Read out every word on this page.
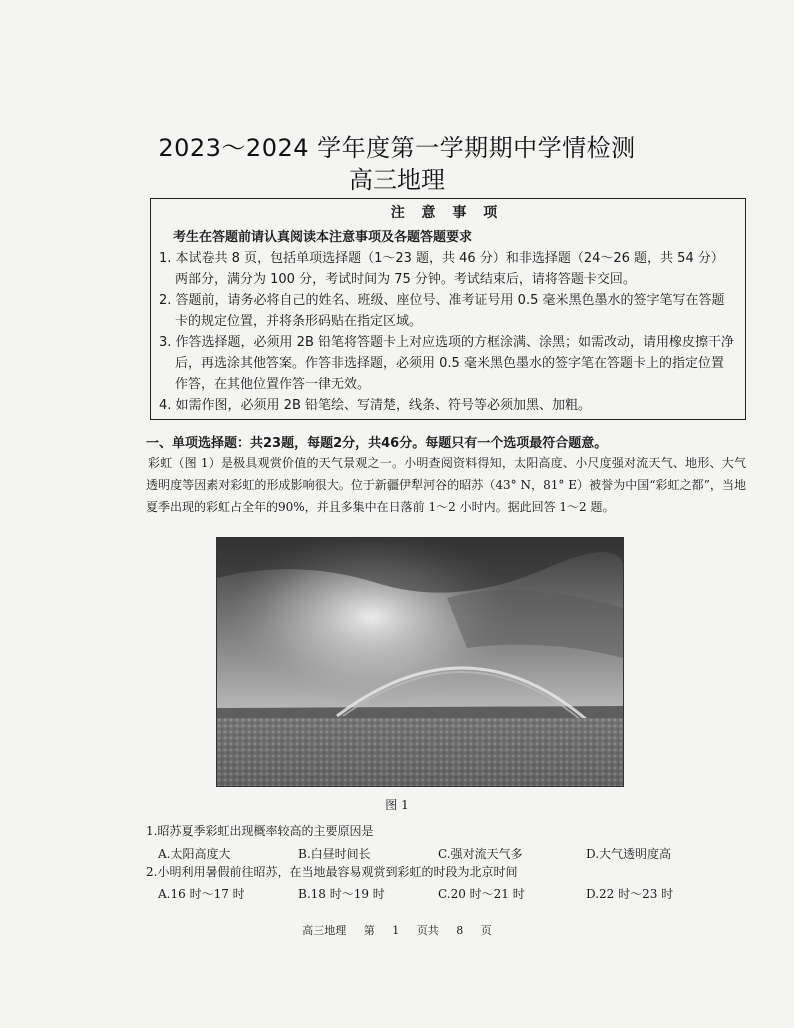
2023～2024 学年度第一学期期中学情检测
高三地理
注 意 事 项
考生在答题前请认真阅读本注意事项及各题答题要求
1. 本试卷共 8 页，包括单项选择题（1～23 题，共 46 分）和非选择题（24～26 题，共 54 分）两部分，满分为 100 分，考试时间为 75 分钟。考试结束后，请将答题卡交回。
2. 答题前，请务必将自己的姓名、班级、座位号、准考证号用 0.5 毫米黑色墨水的签字笔写在答题卡的规定位置，并将条形码贴在指定区域。
3. 作答选择题，必须用 2B 铅笔将答题卡上对应选项的方框涂满、涂黑；如需改动，请用橡皮擦干净后，再选涂其他答案。作答非选择题，必须用 0.5 毫米黑色墨水的签字笔在答题卡上的指定位置作答，在其他位置作答一律无效。
4. 如需作图，必须用 2B 铅笔绘、写清楚，线条、符号等必须加黑、加粗。
一、单项选择题：共23题，每题2分，共46分。每题只有一个选项最符合题意。
彩虹（图 1）是极具观赏价值的天气景观之一。小明查阅资料得知，太阳高度、小尺度强对流天气、地形、大气透明度等因素对彩虹的形成影响很大。位于新疆伊犁河谷的昭苏（43° N，81° E）被誉为中国“彩虹之都”，当地夏季出现的彩虹占全年的90%，并且多集中在日落前 1～2 小时内。据此回答 1～2 题。
图 1
1.昭苏夏季彩虹出现概率较高的主要原因是
A.太阳高度大	B.白昼时间长	C.强对流天气多	D.大气透明度高
2.小明利用暑假前往昭苏，在当地最容易观赏到彩虹的时段为北京时间
A.16 时～17 时	B.18 时～19 时	C.20 时～21 时	D.22 时～23 时
高三地理 第 1 页共 8 页
